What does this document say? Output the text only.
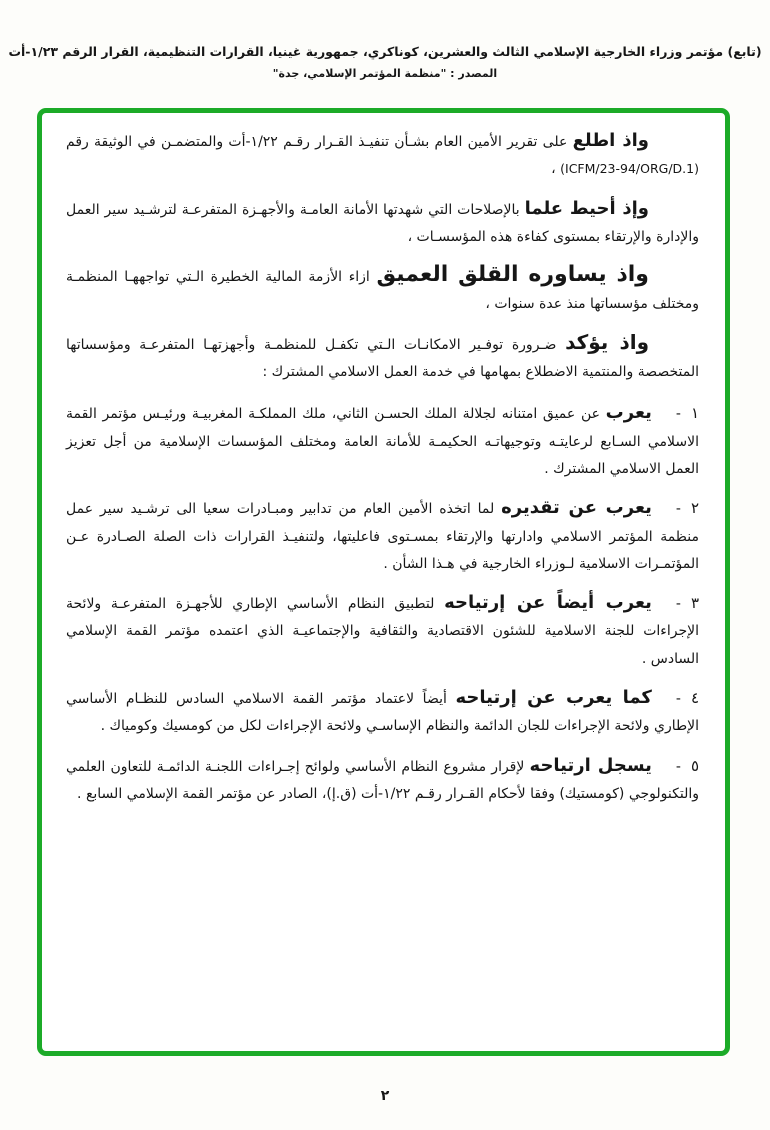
(تابع) مؤتمر وزراء الخارجية الإسلامي الثالث والعشرين، كوناكري، جمهورية غينيا، القرارات التنظيمية، القرار الرقم ١/٢٣-أت
المصدر : "منظمة المؤتمر الإسلامي، جدة"

واذ اطلع على تقرير الأمين العام بشـأن تنفيـذ القـرار رقـم ١/٢٢-أت والمتضمـن في الوثيقة رقم (ICFM/23-94/ORG/D.1) ،

وإذ أحيط علما بالإصلاحات التي شهدتها الأمانة العامـة والأجهـزة المتفرعـة لترشـيد سير العمل والإدارة والإرتقاء بمستوى كفاءة هذه المؤسسـات ،

واذ يساوره القلق العميق ازاء الأزمة المالية الخطيرة الـتي تواجههـا المنظمـة ومختلف مؤسساتها منذ عدة سنوات ،

واذ يؤكد ضـرورة توفـير الامكانـات الـتي تكفـل للمنظمـة وأجهزتهـا المتفرعـة ومؤسساتها المتخصصة والمنتمية الاضطلاع بمهامها في خدمة العمل الاسلامي المشترك :

١-يعرب عن عميق امتنانه لجلالة الملك الحسـن الثاني، ملك المملكـة المغربيـة ورئيـس مؤتمر القمة الاسلامي السـابع لرعايتـه وتوجيهاتـه الحكيمـة للأمانة العامة ومختلف المؤسسات الإسلامية من أجل تعزيز العمل الاسلامي المشترك .

٢-يعرب عن تقديره لما اتخذه الأمين العام من تدابير ومبـادرات سعيا الى ترشـيد سير عمل منظمة المؤتمر الاسلامي وادارتها والإرتقاء بمسـتوى فاعليتها، ولتنفيـذ القرارات ذات الصلة الصـادرة عـن المؤتمـرات الاسلامية لـوزراء الخارجية في هـذا الشأن .

٣-يعرب أيضاً عن إرتياحه لتطبيق النظام الأساسي الإطاري للأجهـزة المتفرعـة ولائحة الإجراءات للجنة الاسلامية للشئون الاقتصادية والثقافية والإجتماعيـة الذي اعتمده مؤتمر القمة الإسلامي السادس .

٤-كما يعرب عن إرتياحه أيضاً لاعتماد مؤتمر القمة الاسلامي السادس للنظـام الأساسي الإطاري ولائحة الإجراءات للجان الدائمة والنظام الإساسـي ولائحة الإجراءات لكل من كومسيك وكومياك .

٥-يسجل ارتياحه لإقرار مشروع النظام الأساسي ولوائح إجـراءات اللجنـة الدائمـة للتعاون العلمي والتكنولوجي (كومستيك) وفقا لأحكام القـرار رقـم ١/٢٢-أت (ق.إ)، الصادر عن مؤتمر القمة الإسلامي السابع .

٢
